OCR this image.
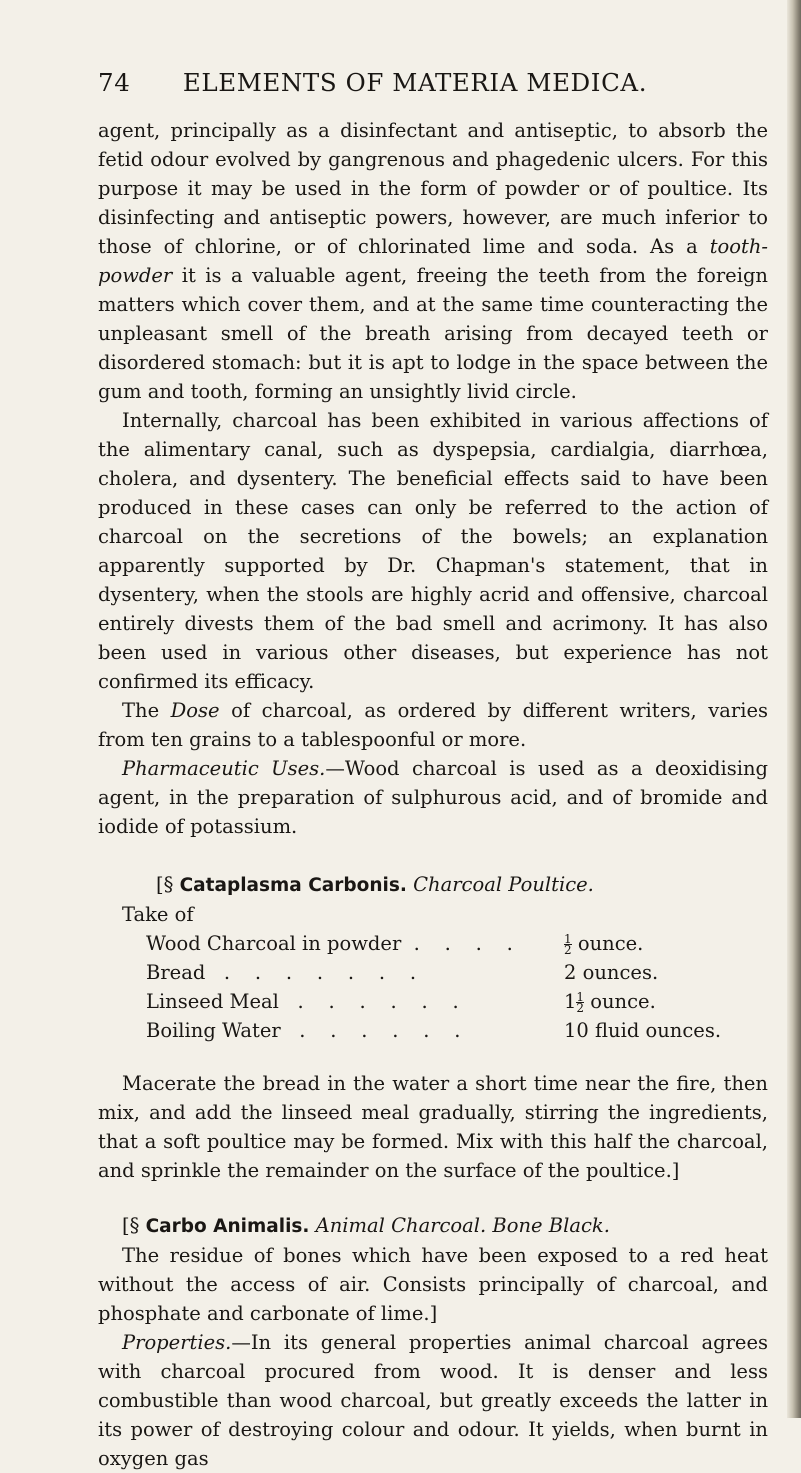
74	ELEMENTS OF MATERIA MEDICA.

agent, principally as a disinfectant and antiseptic, to absorb the fetid odour evolved by gangrenous and phagedenic ulcers. For this purpose it may be used in the form of powder or of poultice. Its disinfecting and antiseptic powers, however, are much inferior to those of chlorine, or of chlorinated lime and soda. As a tooth-powder it is a valuable agent, freeing the teeth from the foreign matters which cover them, and at the same time counteracting the unpleasant smell of the breath arising from decayed teeth or disordered stomach: but it is apt to lodge in the space between the gum and tooth, forming an unsightly livid circle.

Internally, charcoal has been exhibited in various affections of the alimentary canal, such as dyspepsia, cardialgia, diarrhœa, cholera, and dysentery. The beneficial effects said to have been produced in these cases can only be referred to the action of charcoal on the secretions of the bowels; an explanation apparently supported by Dr. Chapman's statement, that in dysentery, when the stools are highly acrid and offensive, charcoal entirely divests them of the bad smell and acrimony. It has also been used in various other diseases, but experience has not confirmed its efficacy.

The Dose of charcoal, as ordered by different writers, varies from ten grains to a tablespoonful or more.

Pharmaceutic Uses.—Wood charcoal is used as a deoxidising agent, in the preparation of sulphurous acid, and of bromide and iodide of potassium.

[§ Cataplasma Carbonis. Charcoal Poultice.
Take of
Wood Charcoal in powder  .    .    .    .	$\frac{1}{2}$ ounce.
Bread   .    .    .    .    .    .    .	2 ounces.
Linseed Meal   .    .    .    .    .    .	$1 \frac{1}{2}$ ounce.
Boiling Water   .    .    .    .    .    .	10 fluid ounces.

Macerate the bread in the water a short time near the fire, then mix, and add the linseed meal gradually, stirring the ingredients, that a soft poultice may be formed. Mix with this half the charcoal, and sprinkle the remainder on the surface of the poultice.]

[§ Carbo Animalis. Animal Charcoal. Bone Black.

The residue of bones which have been exposed to a red heat without the access of air. Consists principally of charcoal, and phosphate and carbonate of lime.]

Properties.—In its general properties animal charcoal agrees with charcoal procured from wood. It is denser and less combustible than wood charcoal, but greatly exceeds the latter in its power of destroying colour and odour. It yields, when burnt in oxygen gas
